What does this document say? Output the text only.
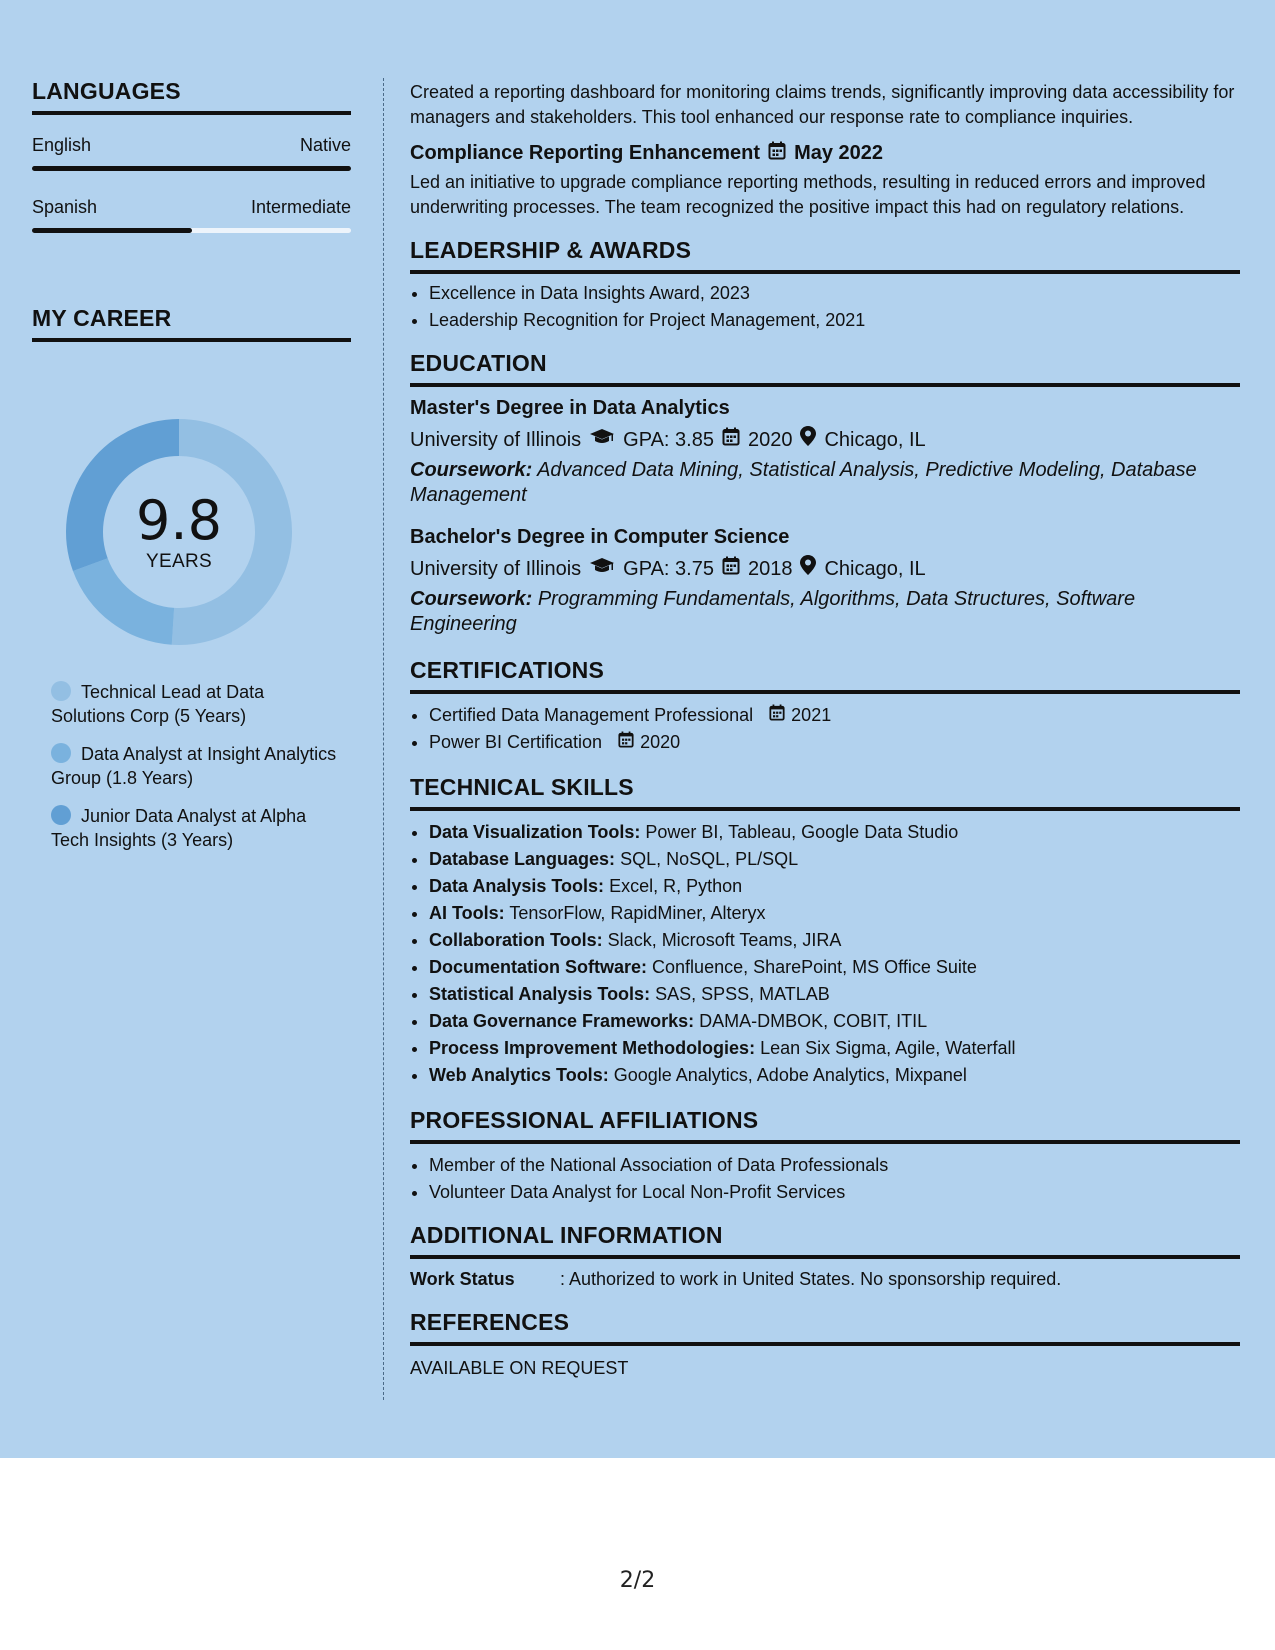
LANGUAGES
English	Native
Spanish	Intermediate
MY CAREER
9.8
YEARS
Technical Lead at Data Solutions Corp (5 Years)
Data Analyst at Insight Analytics Group (1.8 Years)
Junior Data Analyst at Alpha Tech Insights (3 Years)

Created a reporting dashboard for monitoring claims trends, significantly improving data accessibility for managers and stakeholders. This tool enhanced our response rate to compliance inquiries.

Compliance Reporting Enhancement May 2022

Led an initiative to upgrade compliance reporting methods, resulting in reduced errors and improved underwriting processes. The team recognized the positive impact this had on regulatory relations.

LEADERSHIP & AWARDS
• Excellence in Data Insights Award, 2023
• Leadership Recognition for Project Management, 2021
EDUCATION
Master's Degree in Data Analytics
University of Illinois GPA: 3.85 2020 Chicago, IL
Coursework: Advanced Data Mining, Statistical Analysis, Predictive Modeling, Database Management
Bachelor's Degree in Computer Science
University of Illinois GPA: 3.75 2018 Chicago, IL
Coursework: Programming Fundamentals, Algorithms, Data Structures, Software Engineering
CERTIFICATIONS
• Certified Data Management Professional 2021
• Power BI Certification 2020
TECHNICAL SKILLS
• Data Visualization Tools: Power BI, Tableau, Google Data Studio
• Database Languages: SQL, NoSQL, PL/SQL
• Data Analysis Tools: Excel, R, Python
• AI Tools: TensorFlow, RapidMiner, Alteryx
• Collaboration Tools: Slack, Microsoft Teams, JIRA
• Documentation Software: Confluence, SharePoint, MS Office Suite
• Statistical Analysis Tools: SAS, SPSS, MATLAB
• Data Governance Frameworks: DAMA-DMBOK, COBIT, ITIL
• Process Improvement Methodologies: Lean Six Sigma, Agile, Waterfall
• Web Analytics Tools: Google Analytics, Adobe Analytics, Mixpanel
PROFESSIONAL AFFILIATIONS
• Member of the National Association of Data Professionals
• Volunteer Data Analyst for Local Non-Profit Services
ADDITIONAL INFORMATION
Work Status	: Authorized to work in United States. No sponsorship required.
REFERENCES
AVAILABLE ON REQUEST
2/2
